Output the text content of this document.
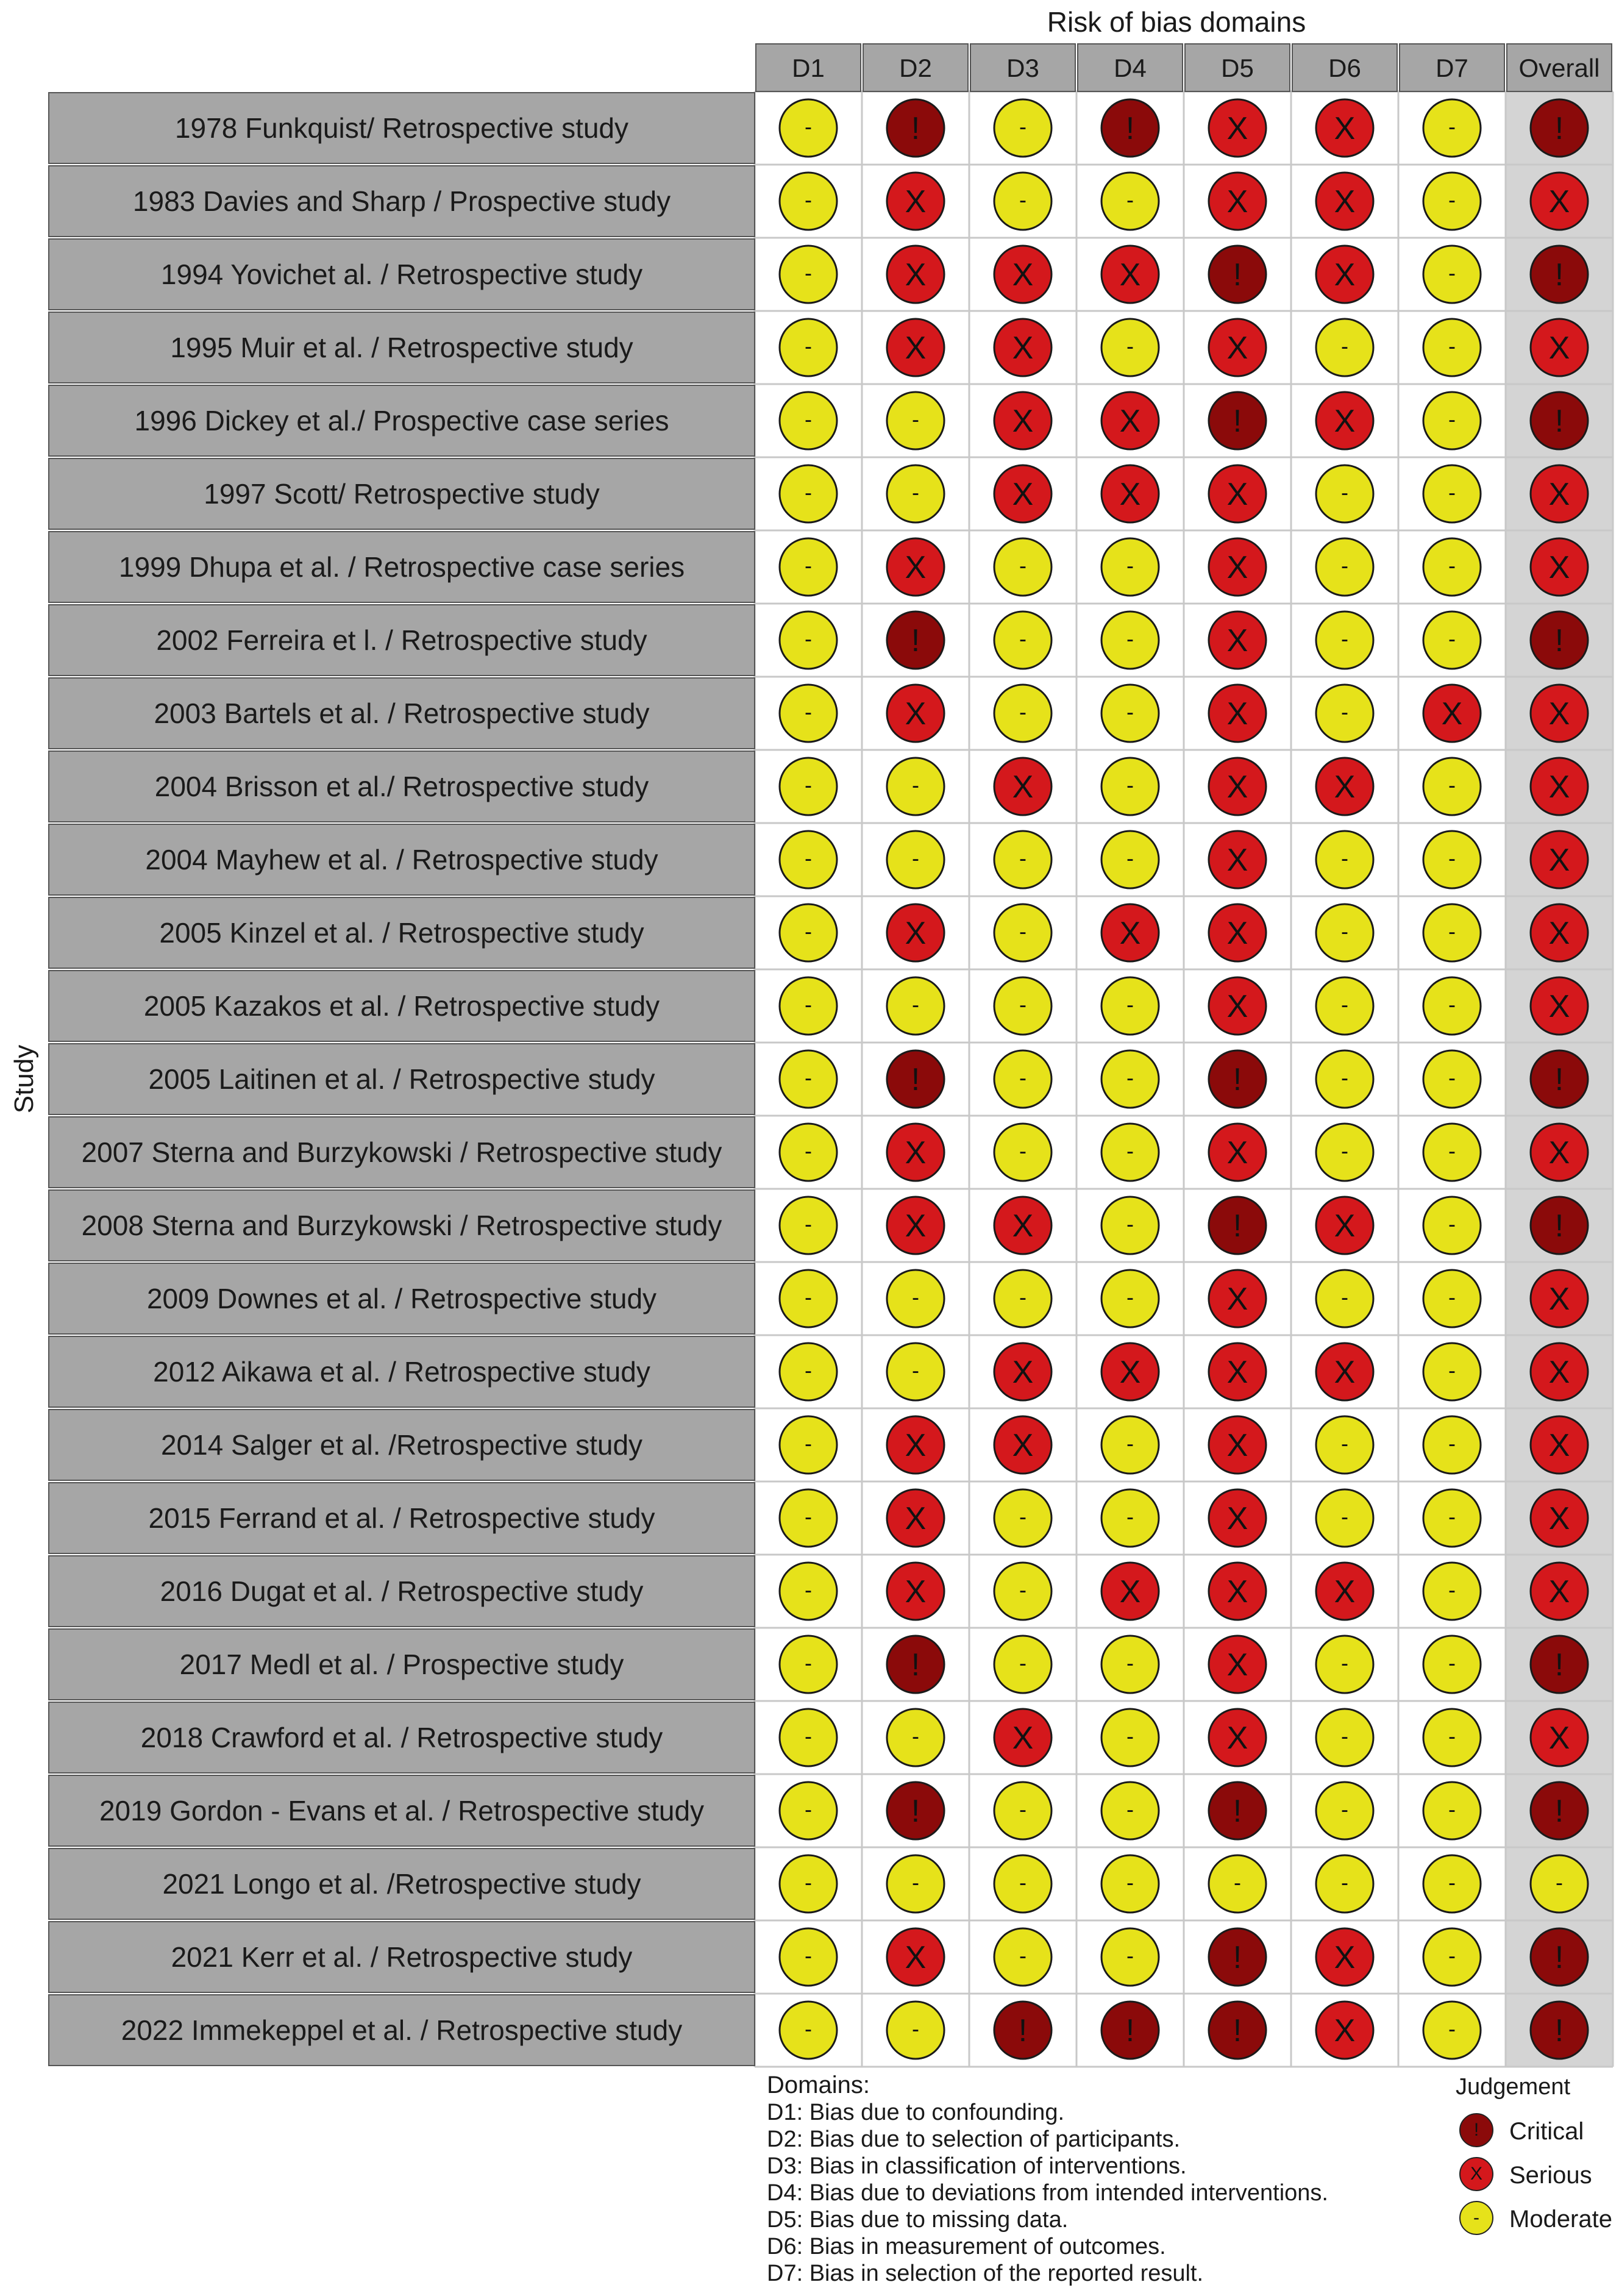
Risk of bias domains
Study
D1	D2	D3	D4	D5	D6	D7 Overall
1978 Funkquist/ Retrospective study	-	!	-	!	X	X	-	!
1983 Davies and Sharp / Prospective study	-	X	-	-	X	X	-	X
1994 Yovichet al. / Retrospective study	-	X	X	X	!	X	-	!
1995 Muir et al. / Retrospective study	-	X	X	-	X	-	-	X
1996 Dickey et al./ Prospective case series	-	-	X	X	!	X	-	!
1997 Scott/ Retrospective study	-	-	X	X	X	-	-	X
1999 Dhupa et al. / Retrospective case series	-	X	-	-	X	-	-	X
2002 Ferreira et l. / Retrospective study	-	!	-	-	X	-	-	!
2003 Bartels et al. / Retrospective study	-	X	-	-	X	-	X	X
2004 Brisson et al./ Retrospective study	-	-	X	-	X	X	-	X
2004 Mayhew et al. / Retrospective study	-	-	-	-	X	-	-	X
2005 Kinzel et al. / Retrospective study	-	X	-	X	X	-	-	X
2005 Kazakos et al. / Retrospective study	-	-	-	-	X	-	-	X
2005 Laitinen et al. / Retrospective study	-	!	-	-	!	-	-	!
2007 Sterna and Burzykowski / Retrospective study	-	X	-	-	X	-	-	X
2008 Sterna and Burzykowski / Retrospective study	-	X	X	-	!	X	-	!
2009 Downes et al. / Retrospective study	-	-	-	-	X	-	-	X
2012 Aikawa et al. / Retrospective study	-	-	X	X	X	X	-	X
2014 Salger et al. /Retrospective study	-	X	X	-	X	-	-	X
2015 Ferrand et al. / Retrospective study	-	X	-	-	X	-	-	X
2016 Dugat et al. / Retrospective study	-	X	-	X	X	X	-	X
2017 Medl et al. / Prospective study	-	!	-	-	X	-	-	!
2018 Crawford et al. / Retrospective study	-	-	X	-	X	-	-	X
2019 Gordon - Evans et al. / Retrospective study	-	!	-	-	!	-	-	!
2021 Longo et al. /Retrospective study	-	-	-	-	-	-	-	-
2021 Kerr et al. / Retrospective study	-	X	-	-	!	X	-	!
2022 Immekeppel et al. / Retrospective study	-	-	!	!	!	X	-	!
Domains:
D1: Bias due to confounding.
D2: Bias due to selection of participants.
D3: Bias in classification of interventions.
D4: Bias due to deviations from intended interventions.
D5: Bias due to missing data.
D6: Bias in measurement of outcomes.
D7: Bias in selection of the reported result.
Judgement
!	Critical
X	Serious
-	Moderate
